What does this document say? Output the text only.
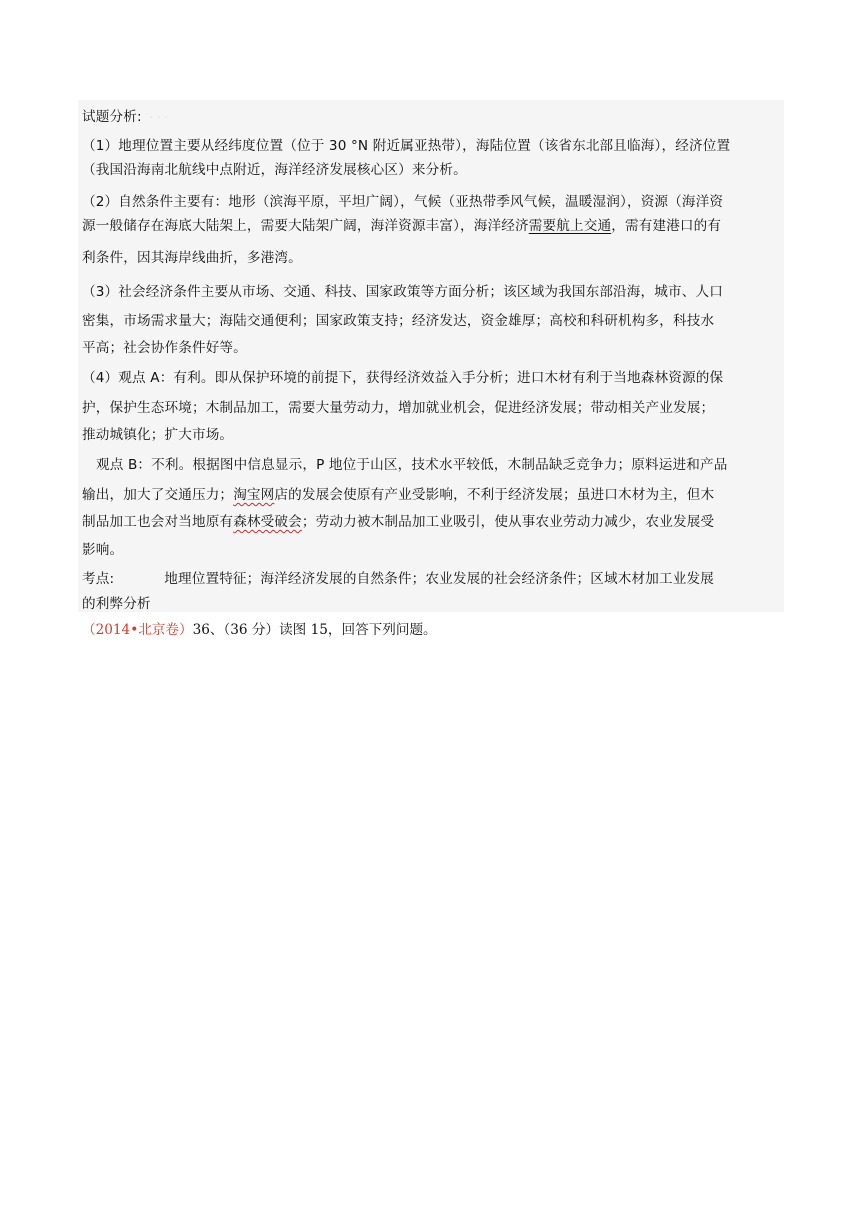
试题分析: · · ·
（1）地理位置主要从经纬度位置（位于 30 °N 附近属亚热带），海陆位置（该省东北部且临海），经济位置
（我国沿海南北航线中点附近，海洋经济发展核心区）来分析。
（2）自然条件主要有：地形（滨海平原，平坦广阔），气候（亚热带季风气候，温暖湿润），资源（海洋资
源一般储存在海底大陆架上，需要大陆架广阔，海洋资源丰富），海洋经济需要航上交通，需有建港口的有
利条件，因其海岸线曲折，多港湾。
（3）社会经济条件主要从市场、交通、科技、国家政策等方面分析；该区域为我国东部沿海，城市、人口
密集，市场需求量大；海陆交通便利；国家政策支持；经济发达，资金雄厚；高校和科研机构多，科技水
平高；社会协作条件好等。
（4）观点 A：有利。即从保护环境的前提下，获得经济效益入手分析；进口木材有利于当地森林资源的保
护，保护生态环境；木制品加工，需要大量劳动力，增加就业机会，促进经济发展；带动相关产业发展；
推动城镇化；扩大市场。
观点 B：不利。根据图中信息显示，P 地位于山区，技术水平较低，木制品缺乏竞争力；原料运进和产品
输出，加大了交通压力；淘宝网店的发展会使原有产业受影响，不利于经济发展；虽进口木材为主，但木
制品加工也会对当地原有森林受破会；劳动力被木制品加工业吸引，使从事农业劳动力减少，农业发展受
影响。
考点:	地理位置特征；海洋经济发展的自然条件；农业发展的社会经济条件；区域木材加工业发展
的利弊分析
（2014•北京卷）36、（36 分）读图 15，回答下列问题。
